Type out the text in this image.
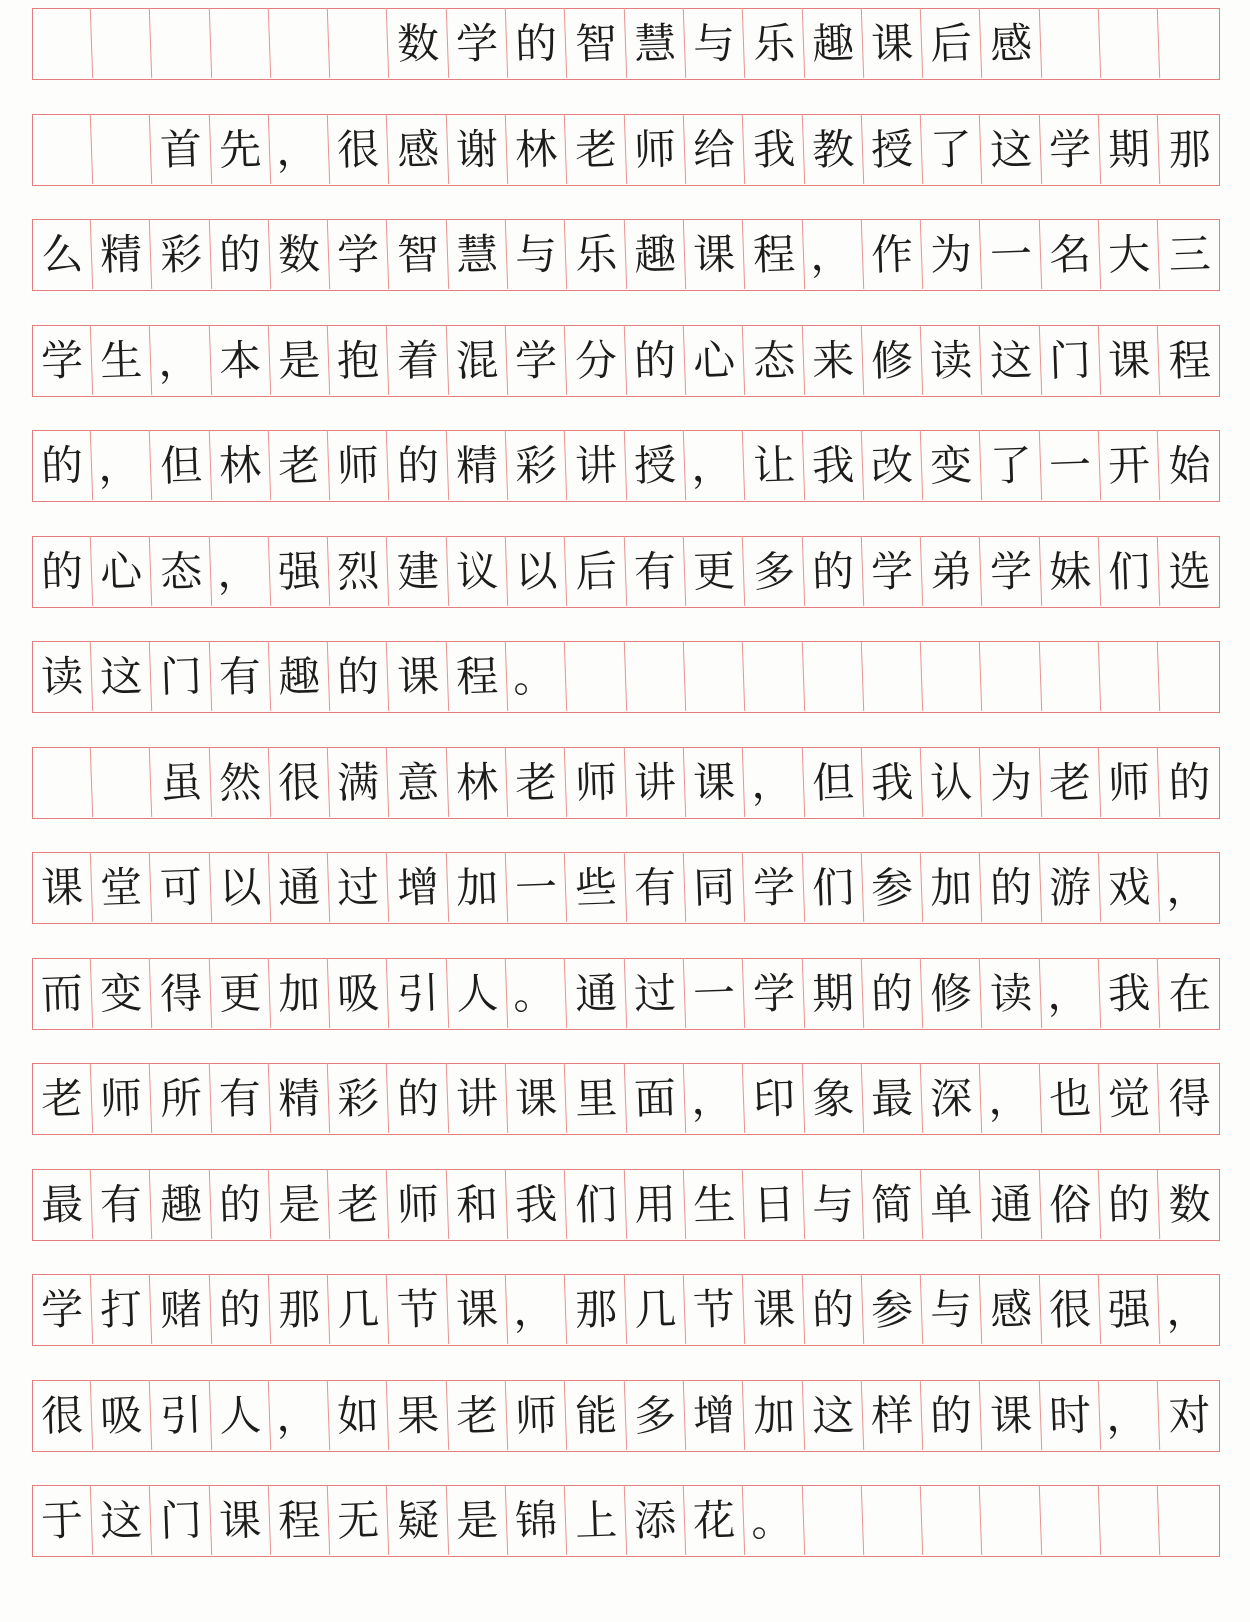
数 学 的 智 慧 与 乐 趣 课 后 感
首 先 ， 很 感 谢 林 老 师 给 我 教 授 了 这 学 期 那
么 精 彩 的 数 学 智 慧 与 乐 趣 课 程 ， 作 为 一 名 大 三
学 生 ， 本 是 抱 着 混 学 分 的 心 态 来 修 读 这 门 课 程
的 ， 但 林 老 师 的 精 彩 讲 授 ， 让 我 改 变 了 一 开 始
的 心 态 ， 强 烈 建 议 以 后 有 更 多 的 学 弟 学 妹 们 选
读 这 门 有 趣 的 课 程 。
虽 然 很 满 意 林 老 师 讲 课 ， 但 我 认 为 老 师 的
课 堂 可 以 通 过 增 加 一 些 有 同 学 们 参 加 的 游 戏 ，
而 变 得 更 加 吸 引 人 。 通 过 一 学 期 的 修 读 ， 我 在
老 师 所 有 精 彩 的 讲 课 里 面 ， 印 象 最 深 ， 也 觉 得
最 有 趣 的 是 老 师 和 我 们 用 生 日 与 简 单 通 俗 的 数
学 打 赌 的 那 几 节 课 ， 那 几 节 课 的 参 与 感 很 强 ，
很 吸 引 人 ， 如 果 老 师 能 多 增 加 这 样 的 课 时 ， 对
于 这 门 课 程 无 疑 是 锦 上 添 花 。
